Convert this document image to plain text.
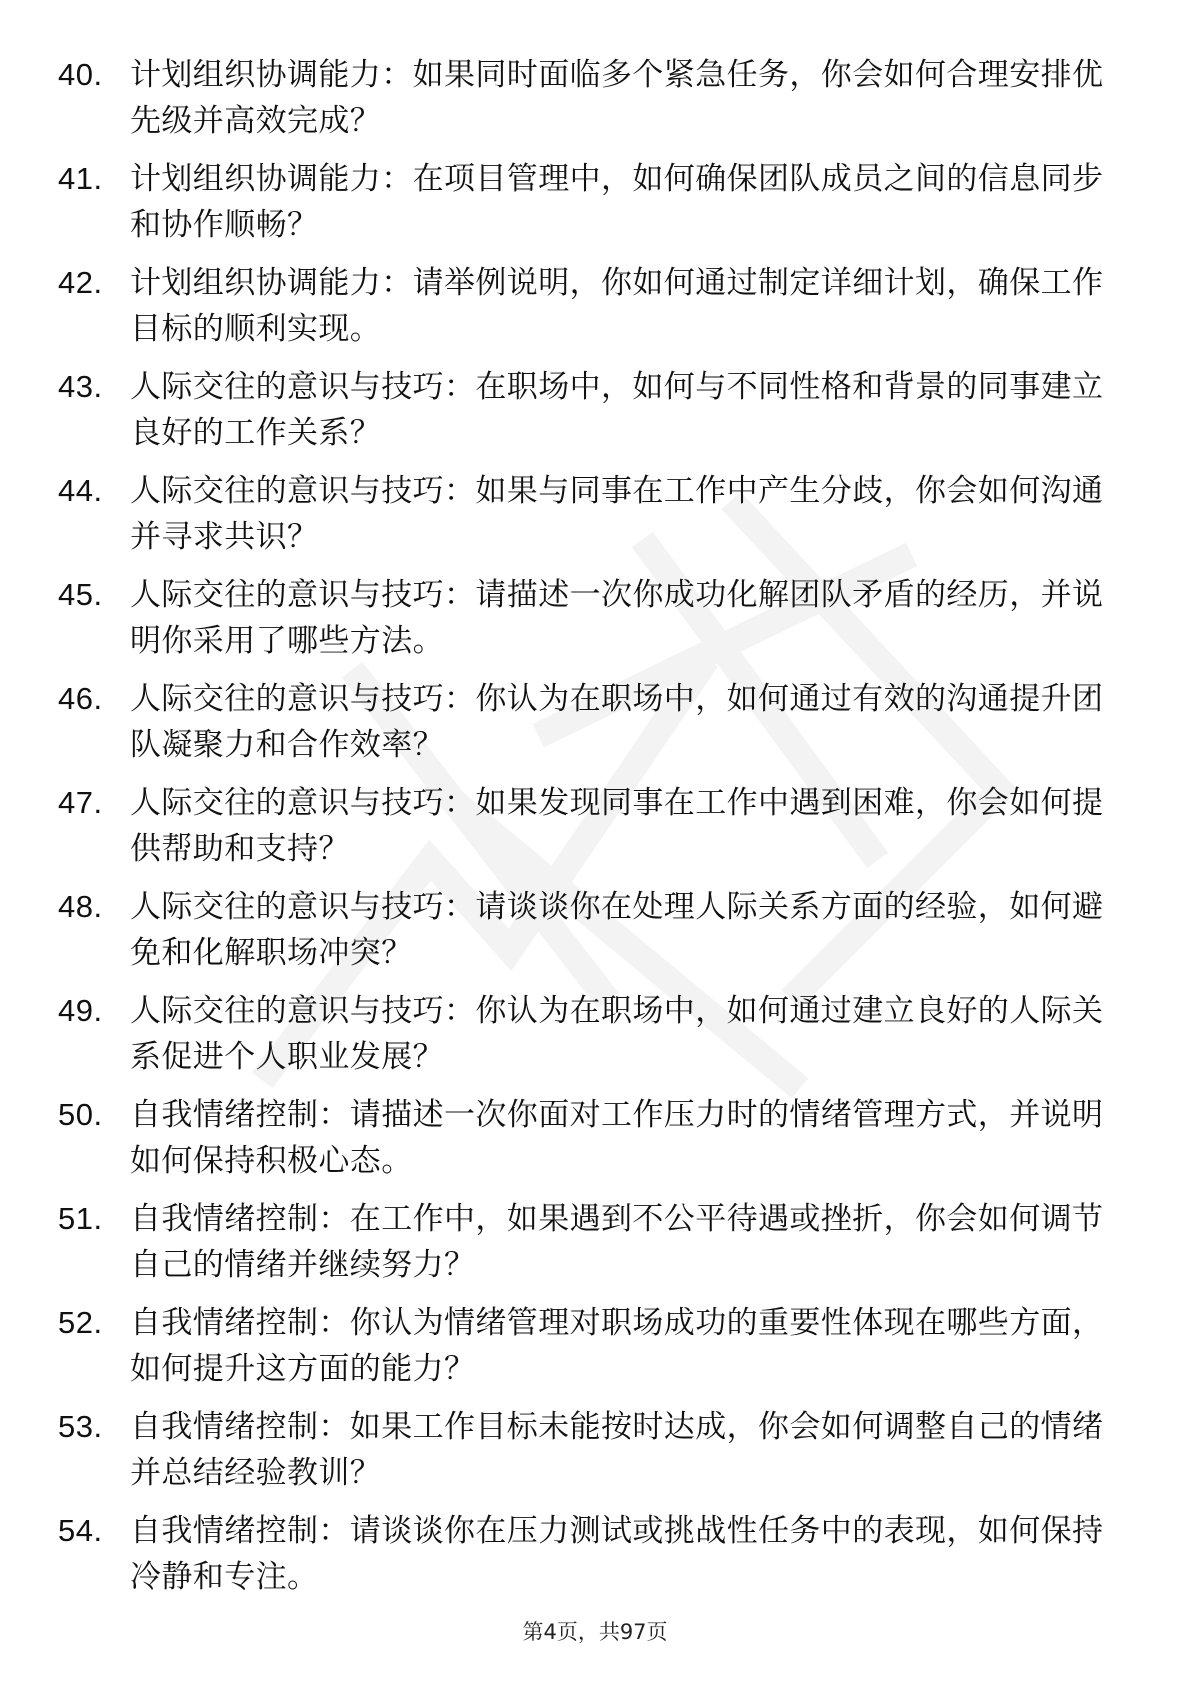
40. 计划组织协调能力：如果同时面临多个紧急任务，你会如何合理安排优先级并高效完成？
41. 计划组织协调能力：在项目管理中，如何确保团队成员之间的信息同步和协作顺畅？
42. 计划组织协调能力：请举例说明，你如何通过制定详细计划，确保工作目标的顺利实现。
43. 人际交往的意识与技巧：在职场中，如何与不同性格和背景的同事建立良好的工作关系？
44. 人际交往的意识与技巧：如果与同事在工作中产生分歧，你会如何沟通并寻求共识？
45. 人际交往的意识与技巧：请描述一次你成功化解团队矛盾的经历，并说明你采用了哪些方法。
46. 人际交往的意识与技巧：你认为在职场中，如何通过有效的沟通提升团队凝聚力和合作效率？
47. 人际交往的意识与技巧：如果发现同事在工作中遇到困难，你会如何提供帮助和支持？
48. 人际交往的意识与技巧：请谈谈你在处理人际关系方面的经验，如何避免和化解职场冲突？
49. 人际交往的意识与技巧：你认为在职场中，如何通过建立良好的人际关系促进个人职业发展？
50. 自我情绪控制：请描述一次你面对工作压力时的情绪管理方式，并说明如何保持积极心态。
51. 自我情绪控制：在工作中，如果遇到不公平待遇或挫折，你会如何调节自己的情绪并继续努力？
52. 自我情绪控制：你认为情绪管理对职场成功的重要性体现在哪些方面，如何提升这方面的能力？
53. 自我情绪控制：如果工作目标未能按时达成，你会如何调整自己的情绪并总结经验教训？
54. 自我情绪控制：请谈谈你在压力测试或挑战性任务中的表现，如何保持冷静和专注。
第4页，共97页
